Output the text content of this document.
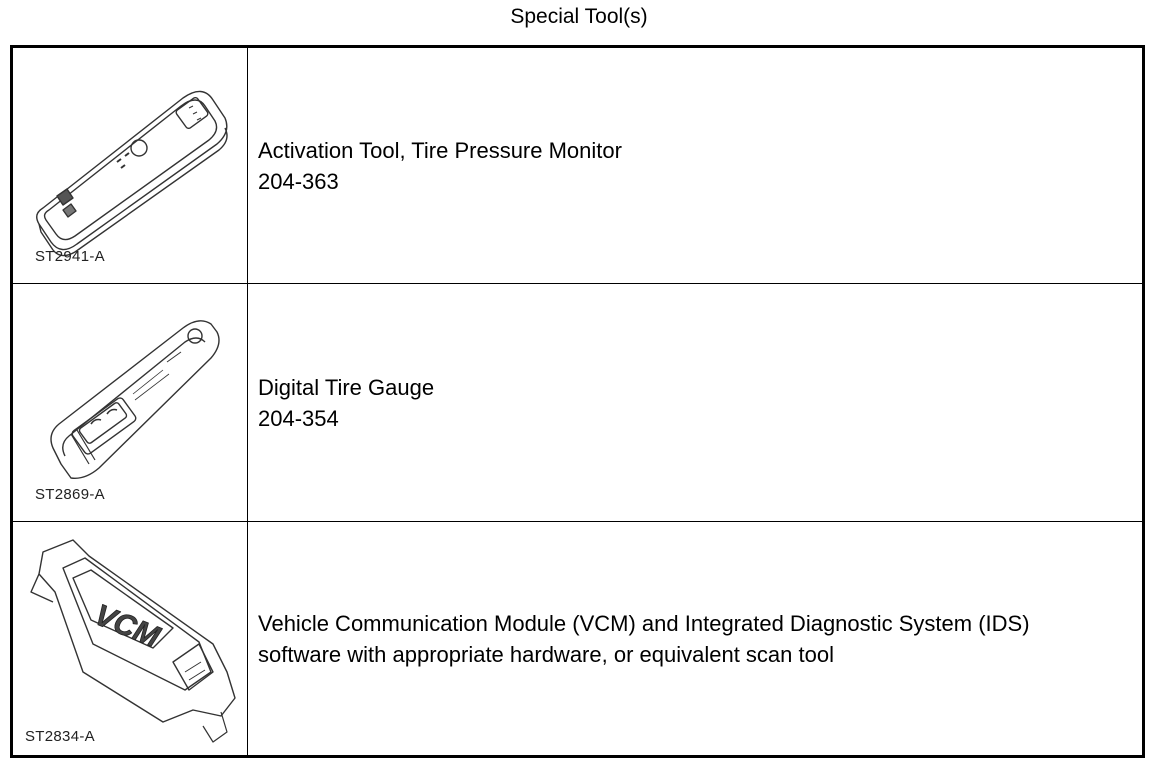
Special Tool(s)
ST2941-A
Activation Tool, Tire Pressure Monitor
204-363
ST2869-A
Digital Tire Gauge
204-354
VCM
ST2834-A
Vehicle Communication Module (VCM) and Integrated Diagnostic System (IDS)
software with appropriate hardware, or equivalent scan tool
